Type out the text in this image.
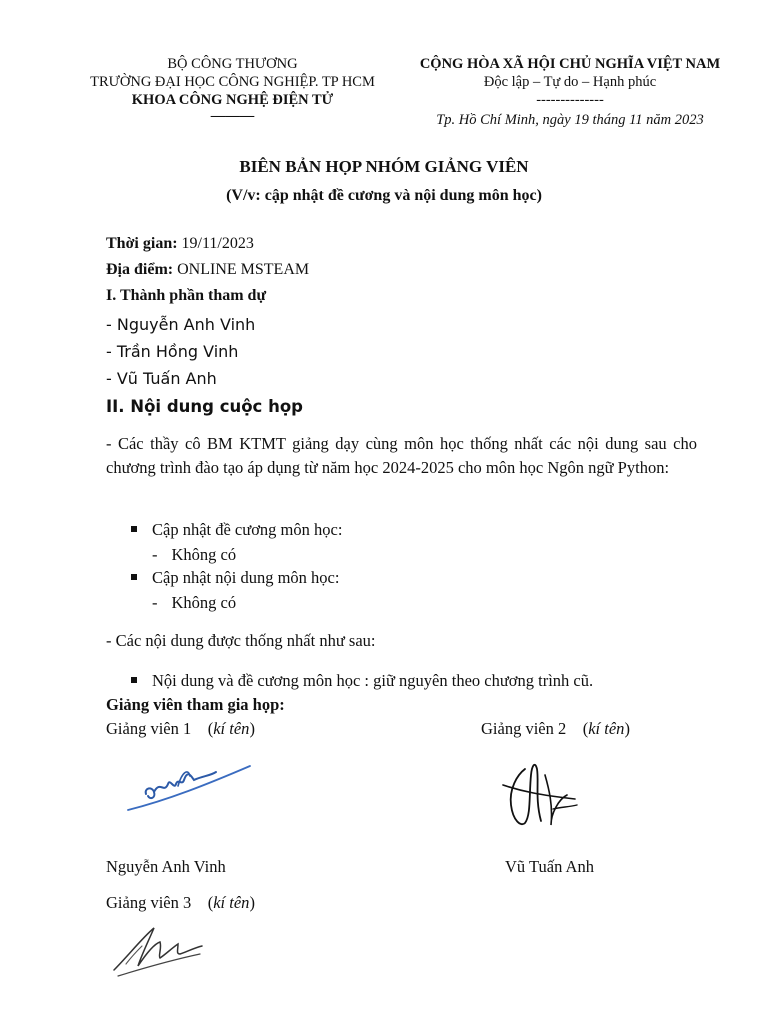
BỘ CÔNG THƯƠNG
TRƯỜNG ĐẠI HỌC CÔNG NGHIỆP. TP HCM
KHOA CÔNG NGHỆ ĐIỆN TỬ
———
CỘNG HÒA XÃ HỘI CHỦ NGHĨA VIỆT NAM
Độc lập – Tự do – Hạnh phúc
--------------
Tp. Hồ Chí Minh, ngày 19 tháng 11 năm 2023
BIÊN BẢN HỌP NHÓM GIẢNG VIÊN
(V/v: cập nhật đề cương và nội dung môn học)
Thời gian: 19/11/2023
Địa điểm: ONLINE MSTEAM
I. Thành phần tham dự
- Nguyễn Anh Vinh
- Trần Hồng Vinh
- Vũ Tuấn Anh
II. Nội dung cuộc họp
- Các thầy cô BM KTMT giảng dạy cùng môn học thống nhất các nội dung sau cho chương trình đào tạo áp dụng từ năm học 2024-2025 cho môn học Ngôn ngữ Python:
Cập nhật đề cương môn học:
- Không có
Cập nhật nội dung môn học:
- Không có
- Các nội dung được thống nhất như sau:
Nội dung và đề cương môn học : giữ nguyên theo chương trình cũ.
Giảng viên tham gia họp:
Giảng viên 1    (kí tên)	Giảng viên 2    (kí tên)
Nguyễn Anh Vinh	Vũ Tuấn Anh
Giảng viên 3    (kí tên)
